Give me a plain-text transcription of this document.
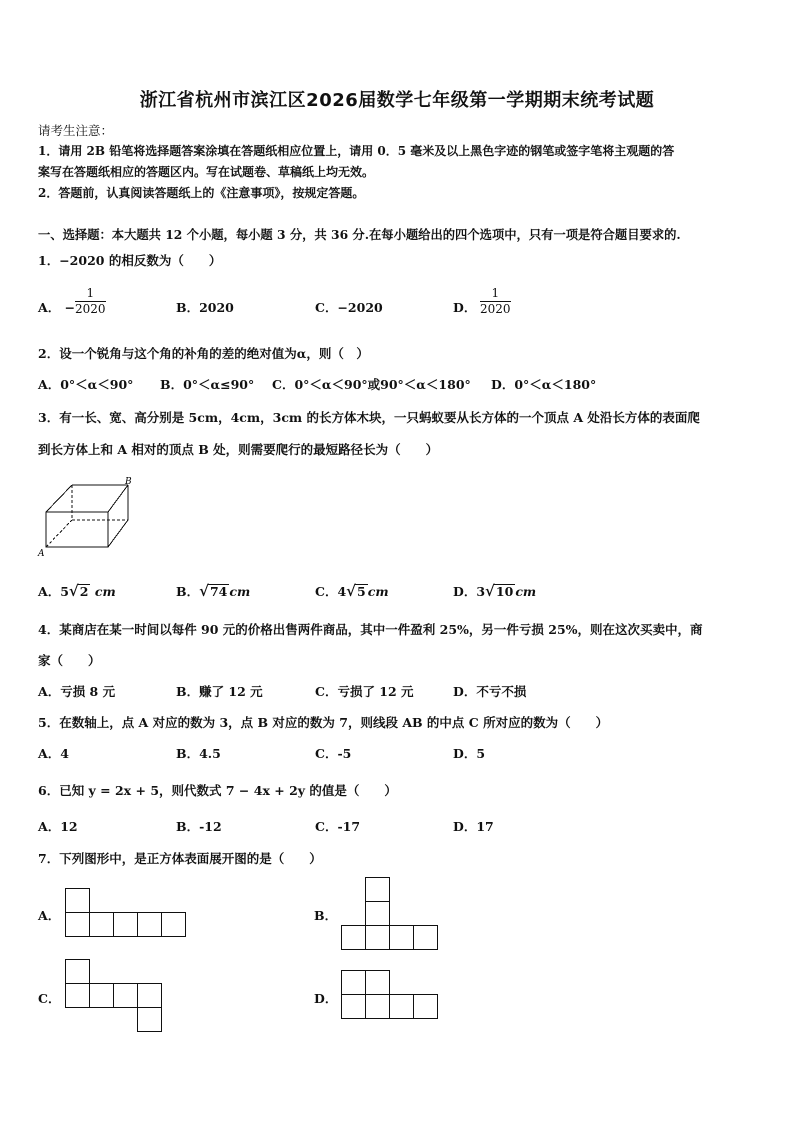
浙江省杭州市滨江区2026届数学七年级第一学期期末统考试题
请考生注意：
1．请用 2B 铅笔将选择题答案涂填在答题纸相应位置上，请用 0．5 毫米及以上黑色字迹的钢笔或签字笔将主观题的答
案写在答题纸相应的答题区内。写在试题卷、草稿纸上均无效。
2．答题前，认真阅读答题纸上的《注意事项》，按规定答题。
一、选择题：本大题共 12 个小题，每小题 3 分，共 36 分.在每小题给出的四个选项中，只有一项是符合题目要求的.
1．−2020 的相反数为（　　）
A． − $\frac{1}{2020}$	B．2020	C．−2020	D． $\frac{1}{2020}$
2．设一个锐角与这个角的补角的差的绝对值为α，则（　）
A．0°＜α＜90° B．0°＜α≤90° C．0°＜α＜90°或90°＜α＜180° D．0°＜α＜180°
3．有一长、宽、高分别是 5cm，4cm，3cm 的长方体木块，一只蚂蚁要从长方体的一个顶点 A 处沿长方体的表面爬
到长方体上和 A 相对的顶点 B 处，则需要爬行的最短路径长为（　　）
A
B
A．5√2 cm	B．√74 cm	C．4√5 cm	D．3√10 cm
4．某商店在某一时间以每件 90 元的价格出售两件商品，其中一件盈利 25%，另一件亏损 25%，则在这次买卖中，商
家（　　）
A．亏损 8 元	B．赚了 12 元	C．亏损了 12 元	D．不亏不损
5．在数轴上，点 A 对应的数为 3，点 B 对应的数为 7，则线段 AB 的中点 C 所对应的数为（　　）
A．4	B．4.5	C．-5	D．5
6．已知 y = 2x + 5，则代数式 7 − 4x + 2y 的值是（　　）
A．12	B．-12	C．-17	D．17
7．下列图形中，是正方体表面展开图的是（　　）
A．	B．
C．	D．
